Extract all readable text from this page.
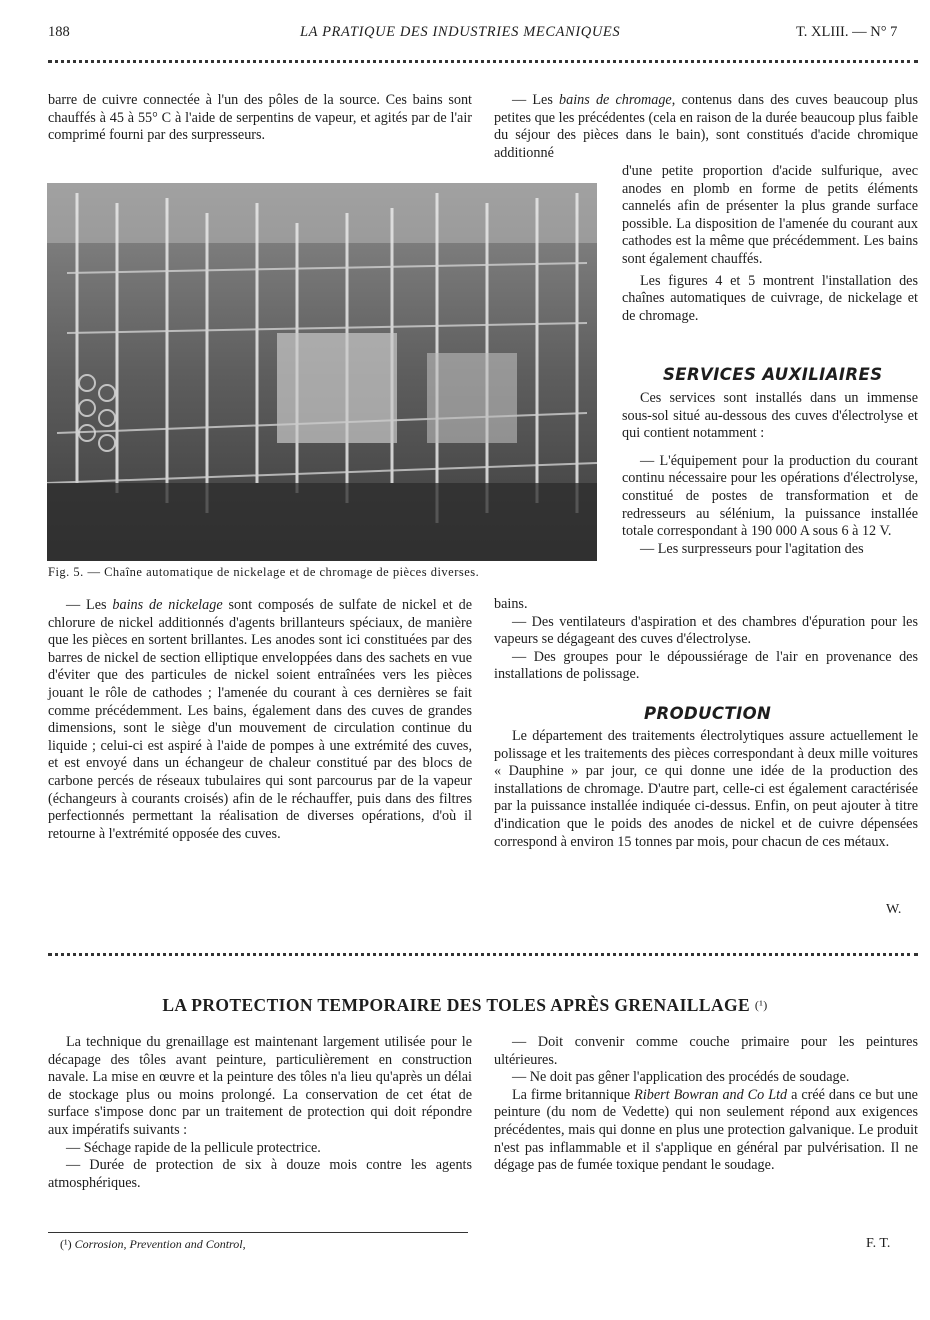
188	LA PRATIQUE DES INDUSTRIES MECANIQUES	T. XLIII. — N° 7

barre de cuivre connectée à l'un des pôles de la source. Ces bains sont chauffés à 45 à 55° C à l'aide de serpentins de vapeur, et agités par de l'air comprimé fourni par des surpresseurs.

Fig. 5. — Chaîne automatique de nickelage et de chromage de pièces diverses.

— Les bains de nickelage sont composés de sulfate de nickel et de chlorure de nickel additionnés d'agents brillanteurs spéciaux, de manière que les pièces en sortent brillantes. Les anodes sont ici constituées par des barres de nickel de section elliptique enveloppées dans des sachets en vue d'éviter que des particules de nickel soient entraînées vers les pièces jouant le rôle de cathodes ; l'amenée du courant à ces dernières se fait comme précédemment. Les bains, également dans des cuves de grandes dimensions, sont le siège d'un mouvement de circulation continue du liquide ; celui-ci est aspiré à l'aide de pompes à une extrémité des cuves, et est envoyé dans un échangeur de chaleur constitué par des blocs de carbone percés de réseaux tubulaires qui sont parcourus par de la vapeur (échangeurs à courants croisés) afin de le réchauffer, puis dans des filtres perfectionnés permettant la réalisation de diverses opérations, d'où il retourne à l'extrémité opposée des cuves.

— Les bains de chromage, contenus dans des cuves beaucoup plus petites que les précédentes (cela en raison de la durée beaucoup plus faible du séjour des pièces dans le bain), sont constitués d'acide chromique additionné

d'une petite proportion d'acide sulfurique, avec anodes en plomb en forme de petits éléments cannelés afin de présenter la plus grande surface possible. La disposition de l'amenée du courant aux cathodes est la même que précédemment. Les bains sont également chauffés.

Les figures 4 et 5 montrent l'installation des chaînes automatiques de cuivrage, de nickelage et de chromage.

SERVICES AUXILIAIRES

Ces services sont installés dans un immense sous-sol situé au-dessous des cuves d'électrolyse et qui contient notamment :

— L'équipement pour la production du courant continu nécessaire pour les opérations d'électrolyse, constitué de postes de transformation et de redresseurs au sélénium, la puissance installée totale correspondant à 190 000 A sous 6 à 12 V.

— Les surpresseurs pour l'agitation des

bains.

— Des ventilateurs d'aspiration et des chambres d'épuration pour les vapeurs se dégageant des cuves d'électrolyse.

— Des groupes pour le dépoussiérage de l'air en provenance des installations de polissage.

PRODUCTION

Le département des traitements électrolytiques assure actuellement le polissage et les traitements des pièces correspondant à deux mille voitures « Dauphine » par jour, ce qui donne une idée de la production des installations de chromage. D'autre part, celle-ci est également caractérisée par la puissance installée indiquée ci-dessus. Enfin, on peut ajouter à titre d'indication que le poids des anodes de nickel et de cuivre dépensées correspond à environ 15 tonnes par mois, pour chacun de ces métaux.

W.
LA PROTECTION TEMPORAIRE DES TOLES APRÈS GRENAILLAGE (¹)

La technique du grenaillage est maintenant largement utilisée pour le décapage des tôles avant peinture, particulièrement en construction navale. La mise en œuvre et la peinture des tôles n'a lieu qu'après un délai de stockage plus ou moins prolongé. La conservation de cet état de surface s'impose donc par un traitement de protection qui doit répondre aux impératifs suivants :

— Séchage rapide de la pellicule protectrice.

— Durée de protection de six à douze mois contre les agents atmosphériques.

— Doit convenir comme couche primaire pour les peintures ultérieures.

— Ne doit pas gêner l'application des procédés de soudage.

La firme britannique Ribert Bowran and Co Ltd a créé dans ce but une peinture (du nom de Vedette) qui non seulement répond aux exigences précédentes, mais qui donne en plus une protection galvanique. Le produit n'est pas inflammable et il s'applique en général par pulvérisation. Il ne dégage pas de fumée toxique pendant le soudage.

F. T.
(¹) Corrosion, Prevention and Control,
